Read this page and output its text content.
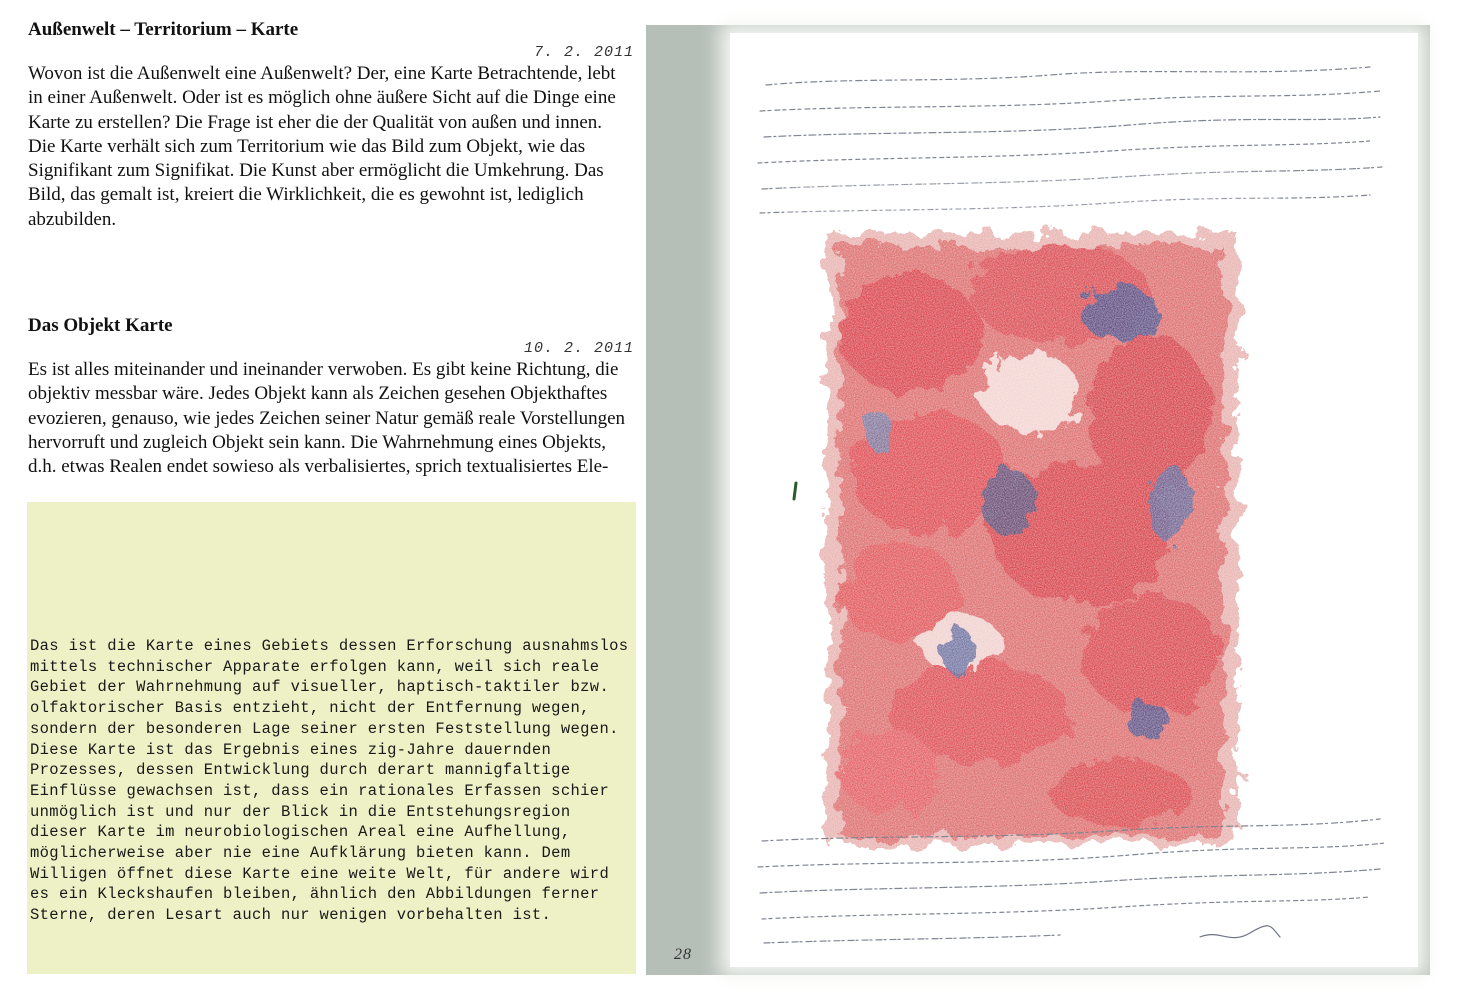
Außenwelt – Territorium – Karte
7. 2. 2011

Wovon ist die Außenwelt eine Außenwelt? Der, eine Karte Betrachtende, lebt in einer Außenwelt. Oder ist es möglich ohne äußere Sicht auf die Dinge eine Karte zu erstellen? Die Frage ist eher die der Qualität von außen und innen.

Die Karte verhält sich zum Territorium wie das Bild zum Objekt, wie das Signifikant zum Signifikat. Die Kunst aber ermöglicht die Umkehrung. Das Bild, das gemalt ist, kreiert die Wirklichkeit, die es gewohnt ist, lediglich abzubilden.

Das Objekt Karte
10. 2. 2011

Es ist alles miteinander und ineinander verwoben. Es gibt keine Richtung, die objektiv messbar wäre. Jedes Objekt kann als Zeichen gesehen Objekthaftes evozieren, genauso, wie jedes Zeichen seiner Natur gemäß reale Vorstellungen hervorruft und zugleich Objekt sein kann. Die Wahrnehmung eines Objekts, d.h. etwas Realen endet sowieso als verbalisiertes, sprich textualisiertes Ele-

Das ist die Karte eines Gebiets dessen Erforschung ausnahmslos mittels technischer Apparate erfolgen kann, weil sich reale Gebiet der Wahrnehmung auf visueller, haptisch-taktiler bzw. olfaktorischer Basis entzieht, nicht der Entfernung wegen, sondern der besonderen Lage seiner ersten Feststellung wegen. Diese Karte ist das Ergebnis eines zig-Jahre dauernden Prozesses, dessen Entwicklung durch derart mannigfaltige Einflüsse gewachsen ist, dass ein rationales Erfassen schier unmöglich ist und nur der Blick in die Entstehungsregion dieser Karte im neurobiologischen Areal eine Aufhellung, möglicherweise aber nie eine Aufklärung bieten kann. Dem Willigen öffnet diese Karte eine weite Welt, für andere wird es ein Kleckshaufen bleiben, ähnlich den Abbildungen ferner Sterne, deren Lesart auch nur wenigen vorbehalten ist.

28
